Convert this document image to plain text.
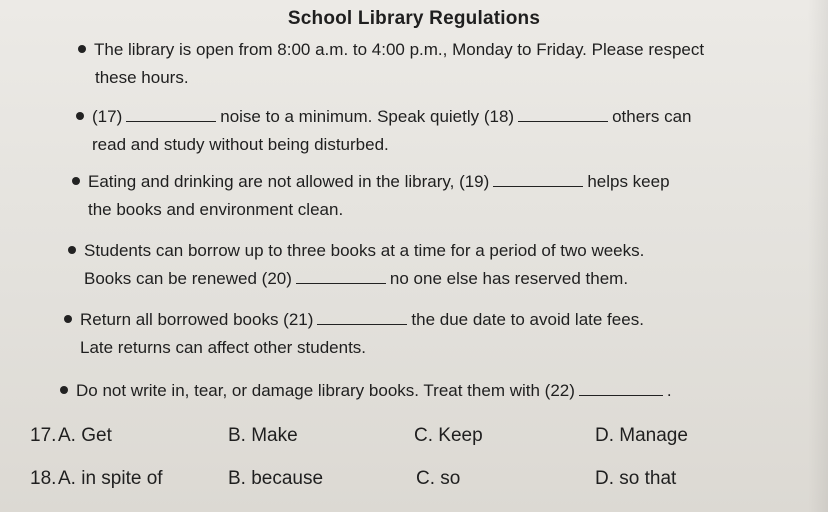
School Library Regulations
The library is open from 8:00 a.m. to 4:00 p.m., Monday to Friday. Please respect
these hours.
(17)	noise to a minimum. Speak quietly (18)	others can
read and study without being disturbed.
Eating and drinking are not allowed in the library, (19)	helps keep
the books and environment clean.
Students can borrow up to three books at a time for a period of two weeks.
Books can be renewed (20)	no one else has reserved them.
Return all borrowed books (21)	the due date to avoid late fees.
Late returns can affect other students.
Do not write in, tear, or damage library books. Treat them with (22)	.
17. A. Get	B. Make	C. Keep	D. Manage
18. A. in spite of	B. because	C. so	D. so that
